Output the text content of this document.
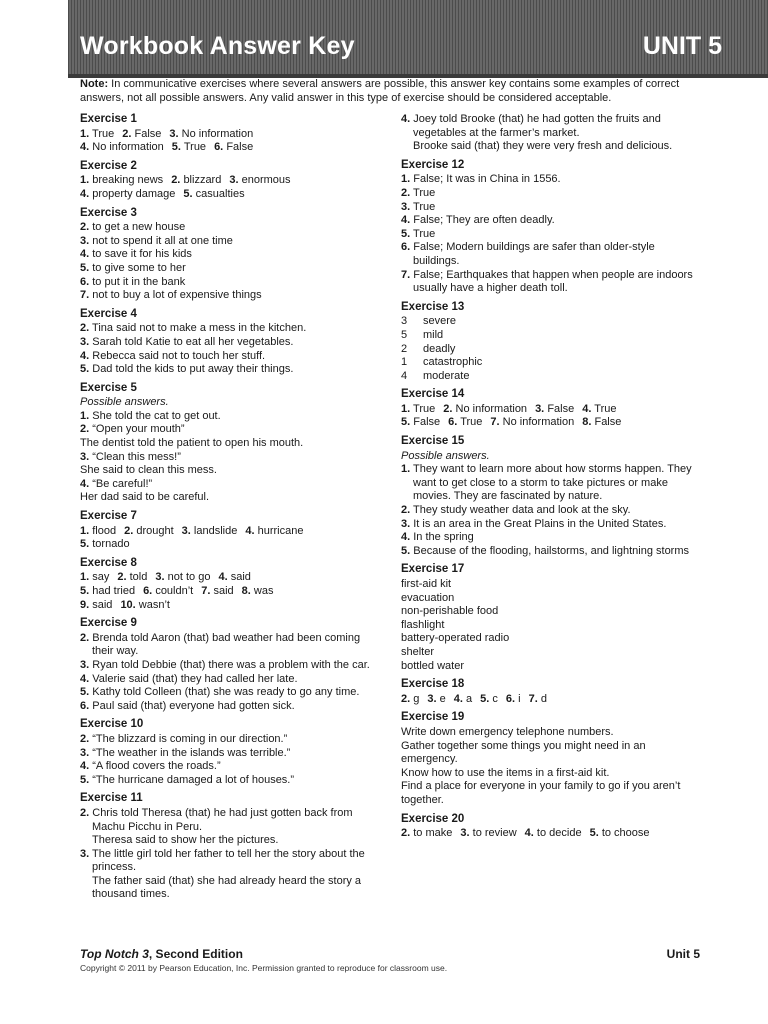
Workbook Answer Key	UNIT 5
Note: In communicative exercises where several answers are possible, this answer key contains some examples of correct answers, not all possible answers. Any valid answer in this type of exercise should be considered acceptable.
Exercise 1
1. True 2. False 3. No information
4. No information 5. True 6. False
Exercise 2
1. breaking news 2. blizzard 3. enormous
4. property damage 5. casualties
Exercise 3
2. to get a new house
3. not to spend it all at one time
4. to save it for his kids
5. to give some to her
6. to put it in the bank
7. not to buy a lot of expensive things
Exercise 4
2. Tina said not to make a mess in the kitchen.
3. Sarah told Katie to eat all her vegetables.
4. Rebecca said not to touch her stuff.
5. Dad told the kids to put away their things.
Exercise 5
Possible answers.
1. She told the cat to get out.
2. “Open your mouth”
The dentist told the patient to open his mouth.
3. “Clean this mess!”
She said to clean this mess.
4. “Be careful!”
Her dad said to be careful.
Exercise 7
1. flood 2. drought 3. landslide 4. hurricane
5. tornado
Exercise 8
1. say 2. told 3. not to go 4. said
5. had tried 6. couldn’t 7. said 8. was
9. said 10. wasn’t
Exercise 9
2. Brenda told Aaron (that) bad weather had been coming their way.
3. Ryan told Debbie (that) there was a problem with the car.
4. Valerie said (that) they had called her late.
5. Kathy told Colleen (that) she was ready to go any time.
6. Paul said (that) everyone had gotten sick.
Exercise 10
2. “The blizzard is coming in our direction.”
3. “The weather in the islands was terrible.”
4. “A flood covers the roads.”
5. “The hurricane damaged a lot of houses.”
Exercise 11
2. Chris told Theresa (that) he had just gotten back from Machu Picchu in Peru.
Theresa said to show her the pictures.
3. The little girl told her father to tell her the story about the princess.
The father said (that) she had already heard the story a thousand times.
4. Joey told Brooke (that) he had gotten the fruits and vegetables at the farmer’s market.
Brooke said (that) they were very fresh and delicious.
Exercise 12
1. False; It was in China in 1556.
2. True
3. True
4. False; They are often deadly.
5. True
6. False; Modern buildings are safer than older-style buildings.
7. False; Earthquakes that happen when people are indoors usually have a higher death toll.
Exercise 13
3 severe
5 mild
2 deadly
1 catastrophic
4 moderate
Exercise 14
1. True 2. No information 3. False 4. True
5. False 6. True 7. No information 8. False
Exercise 15
Possible answers.
1. They want to learn more about how storms happen. They want to get close to a storm to take pictures or make movies. They are fascinated by nature.
2. They study weather data and look at the sky.
3. It is an area in the Great Plains in the United States.
4. In the spring
5. Because of the flooding, hailstorms, and lightning storms
Exercise 17
first-aid kit
evacuation
non-perishable food
flashlight
battery-operated radio
shelter
bottled water
Exercise 18
2. g 3. e 4. a 5. c 6. i 7. d
Exercise 19
Write down emergency telephone numbers.
Gather together some things you might need in an emergency.
Know how to use the items in a first-aid kit.
Find a place for everyone in your family to go if you aren’t together.
Exercise 20
2. to make 3. to review 4. to decide 5. to choose
Top Notch 3, Second Edition
Copyright © 2011 by Pearson Education, Inc. Permission granted to reproduce for classroom use.
Unit 5
